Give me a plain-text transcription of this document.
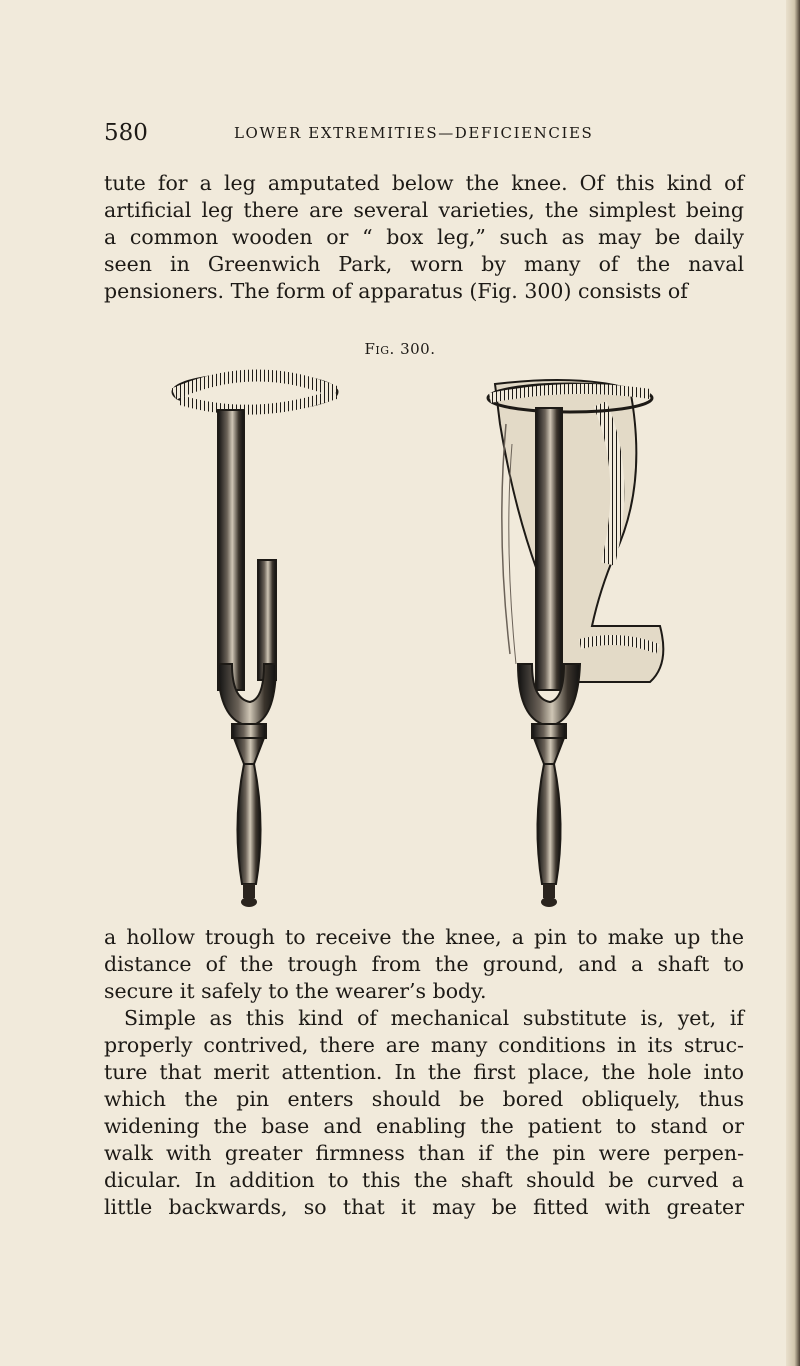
580	LOWER EXTREMITIES—DEFICIENCIES

tute for a leg amputated below the knee. Of this kind of
artificial leg there are several varieties, the simplest being
a common wooden or “ box leg,” such as may be daily
seen in Greenwich Park, worn by many of the naval
pensioners. The form of apparatus (Fig. 300) consists of

Fig. 300.

a hollow trough to receive the knee, a pin to make up the
distance of the trough from the ground, and a shaft to
secure it safely to the wearer’s body.

Simple as this kind of mechanical substitute is, yet, if
properly contrived, there are many conditions in its struc-
ture that merit attention. In the first place, the hole into
which the pin enters should be bored obliquely, thus
widening the base and enabling the patient to stand or
walk with greater firmness than if the pin were perpen-
dicular. In addition to this the shaft should be curved a
little backwards, so that it may be fitted with greater
